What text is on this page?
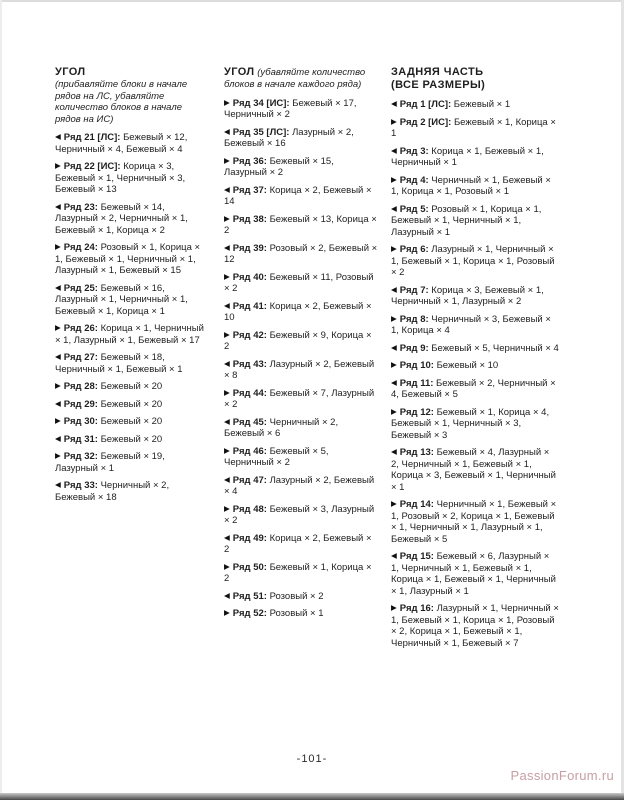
УГОЛ
(прибавляйте блоки в начале рядов на ЛС, убавляйте количество блоков в начале рядов на ИС)
◀ Ряд 21 [ЛС]: Бежевый × 12, Черничный × 4, Бежевый × 4
▶ Ряд 22 [ИС]: Корица × 3, Бежевый × 1, Черничный × 3, Бежевый × 13
◀ Ряд 23: Бежевый × 14, Лазурный × 2, Черничный × 1, Бежевый × 1, Корица × 2
▶ Ряд 24: Розовый × 1, Корица × 1, Бежевый × 1, Черничный × 1, Лазурный × 1, Бежевый × 15
◀ Ряд 25: Бежевый × 16, Лазурный × 1, Черничный × 1, Бежевый × 1, Корица × 1
▶ Ряд 26: Корица × 1, Черничный × 1, Лазурный × 1, Бежевый × 17
◀ Ряд 27: Бежевый × 18, Черничный × 1, Бежевый × 1
▶ Ряд 28: Бежевый × 20
◀ Ряд 29: Бежевый × 20
▶ Ряд 30: Бежевый × 20
◀ Ряд 31: Бежевый × 20
▶ Ряд 32: Бежевый × 19, Лазурный × 1
◀ Ряд 33: Черничный × 2, Бежевый × 18
УГОЛ (убавляйте количество блоков в начале каждого ряда)
▶ Ряд 34 [ИС]: Бежевый × 17, Черничный × 2
◀ Ряд 35 [ЛС]: Лазурный × 2, Бежевый × 16
▶ Ряд 36: Бежевый × 15, Лазурный × 2
◀ Ряд 37: Корица × 2, Бежевый × 14
▶ Ряд 38: Бежевый × 13, Корица × 2
◀ Ряд 39: Розовый × 2, Бежевый × 12
▶ Ряд 40: Бежевый × 11, Розовый × 2
◀ Ряд 41: Корица × 2, Бежевый × 10
▶ Ряд 42: Бежевый × 9, Корица × 2
◀ Ряд 43: Лазурный × 2, Бежевый × 8
▶ Ряд 44: Бежевый × 7, Лазурный × 2
◀ Ряд 45: Черничный × 2, Бежевый × 6
▶ Ряд 46: Бежевый × 5, Черничный × 2
◀ Ряд 47: Лазурный × 2, Бежевый × 4
▶ Ряд 48: Бежевый × 3, Лазурный × 2
◀ Ряд 49: Корица × 2, Бежевый × 2
▶ Ряд 50: Бежевый × 1, Корица × 2
◀ Ряд 51: Розовый × 2
▶ Ряд 52: Розовый × 1
ЗАДНЯЯ ЧАСТЬ
(ВСЕ РАЗМЕРЫ)
◀ Ряд 1 [ЛС]: Бежевый × 1
▶ Ряд 2 [ИС]: Бежевый × 1, Корица × 1
◀ Ряд 3: Корица × 1, Бежевый × 1, Черничный × 1
▶ Ряд 4: Черничный × 1, Бежевый × 1, Корица × 1, Розовый × 1
◀ Ряд 5: Розовый × 1, Корица × 1, Бежевый × 1, Черничный × 1, Лазурный × 1
▶ Ряд 6: Лазурный × 1, Черничный × 1, Бежевый × 1, Корица × 1, Розовый × 2
◀ Ряд 7: Корица × 3, Бежевый × 1, Черничный × 1, Лазурный × 2
▶ Ряд 8: Черничный × 3, Бежевый × 1, Корица × 4
◀ Ряд 9: Бежевый × 5, Черничный × 4
▶ Ряд 10: Бежевый × 10
◀ Ряд 11: Бежевый × 2, Черничный × 4, Бежевый × 5
▶ Ряд 12: Бежевый × 1, Корица × 4, Бежевый × 1, Черничный × 3, Бежевый × 3
◀ Ряд 13: Бежевый × 4, Лазурный × 2, Черничный × 1, Бежевый × 1, Корица × 3, Бежевый × 1, Черничный × 1
▶ Ряд 14: Черничный × 1, Бежевый × 1, Розовый × 2, Корица × 1, Бежевый × 1, Черничный × 1, Лазурный × 1, Бежевый × 5
◀ Ряд 15: Бежевый × 6, Лазурный × 1, Черничный × 1, Бежевый × 1, Корица × 1, Бежевый × 1, Черничный × 1, Лазурный × 1
▶ Ряд 16: Лазурный × 1, Черничный × 1, Бежевый × 1, Корица × 1, Розовый × 2, Корица × 1, Бежевый × 1, Черничный × 1, Бежевый × 7
-101-
PassionForum.ru
